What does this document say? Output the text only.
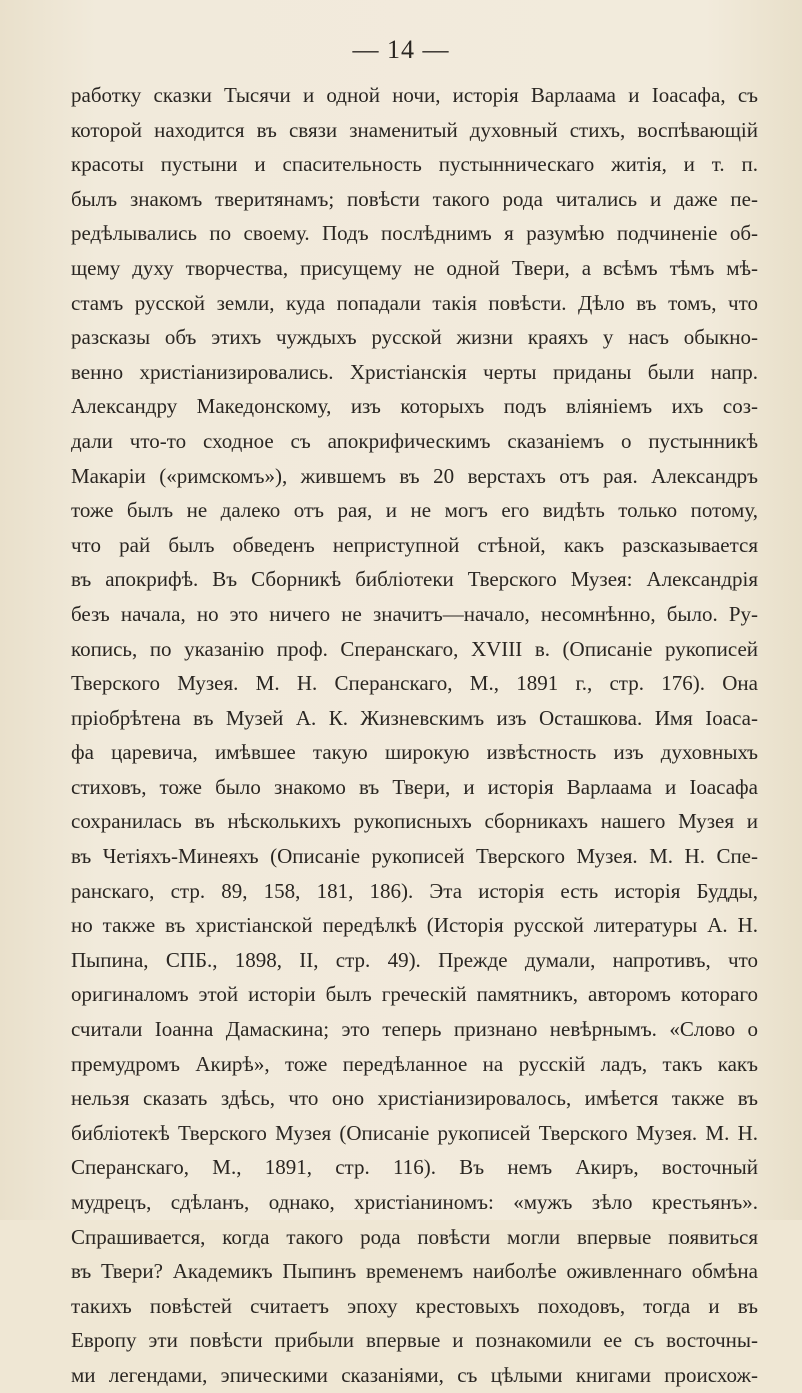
— 14 —
работку сказки Тысячи и одной ночи, исторія Варлаама и Іоасафа, съ
которой находится въ связи знаменитый духовный стихъ, воспѣвающій
красоты пустыни и спасительность пустынническаго житія, и т. п.
былъ знакомъ тверитянамъ; повѣсти такого рода читались и даже пе-
редѣлывались по своему. Подъ послѣднимъ я разумѣю подчиненіе об-
щему духу творчества, присущему не одной Твери, а всѣмъ тѣмъ мѣ-
стамъ русской земли, куда попадали такія повѣсти. Дѣло въ томъ, что
разсказы объ этихъ чуждыхъ русской жизни краяхъ у насъ обыкно-
венно христіанизировались. Христіанскія черты приданы были напр.
Александру Македонскому, изъ которыхъ подъ вліяніемъ ихъ соз-
дали что-то сходное съ апокрифическимъ сказаніемъ о пустынникѣ
Макаріи («римскомъ»), жившемъ въ 20 верстахъ отъ рая. Александръ
тоже былъ не далеко отъ рая, и не могъ его видѣть только потому,
что рай былъ обведенъ неприступной стѣной, какъ разсказывается
въ апокрифѣ. Въ Сборникѣ библіотеки Тверского Музея: Александрія
безъ начала, но это ничего не значитъ—начало, несомнѣнно, было. Ру-
копись, по указанію проф. Сперанскаго, XVIII в. (Описаніе рукописей
Тверского Музея. М. Н. Сперанскаго, М., 1891 г., стр. 176). Она
пріобрѣтена въ Музей А. К. Жизневскимъ изъ Осташкова. Имя Іоаса-
фа царевича, имѣвшее такую широкую извѣстность изъ духовныхъ
стиховъ, тоже было знакомо въ Твери, и исторія Варлаама и Іоасафа
сохранилась въ нѣсколькихъ рукописныхъ сборникахъ нашего Музея и
въ Четіяхъ-Минеяхъ (Описаніе рукописей Тверского Музея. М. Н. Спе-
ранскаго, стр. 89, 158, 181, 186). Эта исторія есть исторія Будды,
но также въ христіанской передѣлкѣ (Исторія русской литературы А. Н.
Пыпина, СПБ., 1898, II, стр. 49). Прежде думали, напротивъ, что
оригиналомъ этой исторіи былъ греческій памятникъ, авторомъ котораго
считали Іоанна Дамаскина; это теперь признано невѣрнымъ. «Слово о
премудромъ Акирѣ», тоже передѣланное на русскій ладъ, такъ какъ
нельзя сказать здѣсь, что оно христіанизировалось, имѣется также въ
библіотекѣ Тверского Музея (Описаніе рукописей Тверского Музея. М. Н.
Сперанскаго, М., 1891, стр. 116). Въ немъ Акиръ, восточный
мудрецъ, сдѣланъ, однако, христіаниномъ: «мужъ зѣло крестьянъ».
Спрашивается, когда такого рода повѣсти могли впервые появиться
въ Твери? Академикъ Пыпинъ временемъ наиболѣе оживленнаго обмѣна
такихъ повѣстей считаетъ эпоху крестовыхъ походовъ, тогда и въ
Европу эти повѣсти прибыли впервые и познакомили ее съ восточны-
ми легендами, эпическими сказаніями, съ цѣлыми книгами происхож-
